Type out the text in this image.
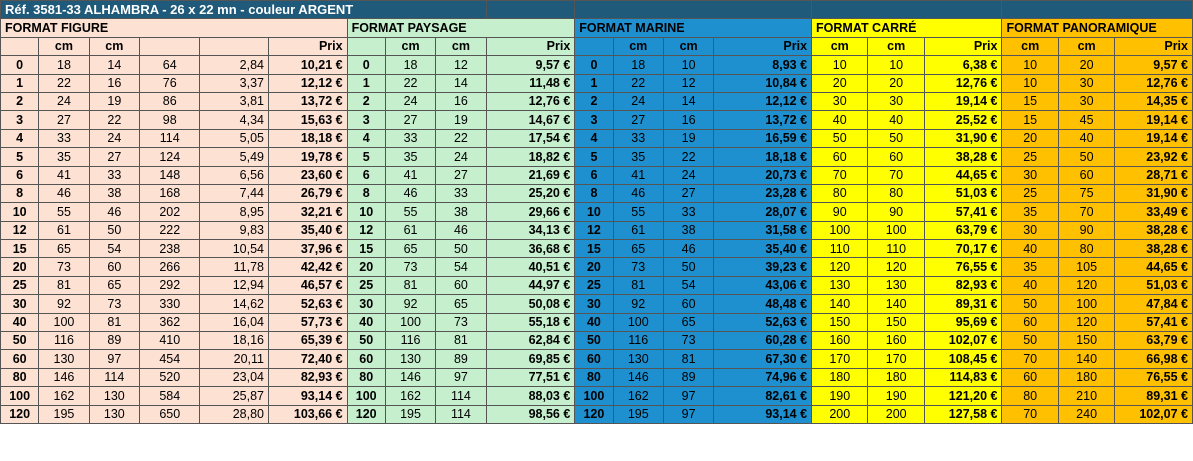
Réf. 3581-33 ALHAMBRA - 26 x 22 mn - couleur ARGENT																			
FORMAT FIGURE						FORMAT PAYSAGE				FORMAT MARINE				FORMAT CARRÉ			FORMAT PANORAMIQUE		
	cm	cm			Prix		cm	cm	Prix		cm	cm	Prix	cm	cm	Prix	cm	cm	Prix
0	18	14	64	2,84	10,21 €	0	18	12	9,57 €	0	18	10	8,93 €	10	10	6,38 €	10	20	9,57 €
1	22	16	76	3,37	12,12 €	1	22	14	11,48 €	1	22	12	10,84 €	20	20	12,76 €	10	30	12,76 €
2	24	19	86	3,81	13,72 €	2	24	16	12,76 €	2	24	14	12,12 €	30	30	19,14 €	15	30	14,35 €
3	27	22	98	4,34	15,63 €	3	27	19	14,67 €	3	27	16	13,72 €	40	40	25,52 €	15	45	19,14 €
4	33	24	114	5,05	18,18 €	4	33	22	17,54 €	4	33	19	16,59 €	50	50	31,90 €	20	40	19,14 €
5	35	27	124	5,49	19,78 €	5	35	24	18,82 €	5	35	22	18,18 €	60	60	38,28 €	25	50	23,92 €
6	41	33	148	6,56	23,60 €	6	41	27	21,69 €	6	41	24	20,73 €	70	70	44,65 €	30	60	28,71 €
8	46	38	168	7,44	26,79 €	8	46	33	25,20 €	8	46	27	23,28 €	80	80	51,03 €	25	75	31,90 €
10	55	46	202	8,95	32,21 €	10	55	38	29,66 €	10	55	33	28,07 €	90	90	57,41 €	35	70	33,49 €
12	61	50	222	9,83	35,40 €	12	61	46	34,13 €	12	61	38	31,58 €	100	100	63,79 €	30	90	38,28 €
15	65	54	238	10,54	37,96 €	15	65	50	36,68 €	15	65	46	35,40 €	110	110	70,17 €	40	80	38,28 €
20	73	60	266	11,78	42,42 €	20	73	54	40,51 €	20	73	50	39,23 €	120	120	76,55 €	35	105	44,65 €
25	81	65	292	12,94	46,57 €	25	81	60	44,97 €	25	81	54	43,06 €	130	130	82,93 €	40	120	51,03 €
30	92	73	330	14,62	52,63 €	30	92	65	50,08 €	30	92	60	48,48 €	140	140	89,31 €	50	100	47,84 €
40	100	81	362	16,04	57,73 €	40	100	73	55,18 €	40	100	65	52,63 €	150	150	95,69 €	60	120	57,41 €
50	116	89	410	18,16	65,39 €	50	116	81	62,84 €	50	116	73	60,28 €	160	160	102,07 €	50	150	63,79 €
60	130	97	454	20,11	72,40 €	60	130	89	69,85 €	60	130	81	67,30 €	170	170	108,45 €	70	140	66,98 €
80	146	114	520	23,04	82,93 €	80	146	97	77,51 €	80	146	89	74,96 €	180	180	114,83 €	60	180	76,55 €
100	162	130	584	25,87	93,14 €	100	162	114	88,03 €	100	162	97	82,61 €	190	190	121,20 €	80	210	89,31 €
120	195	130	650	28,80	103,66 €	120	195	114	98,56 €	120	195	97	93,14 €	200	200	127,58 €	70	240	102,07 €
